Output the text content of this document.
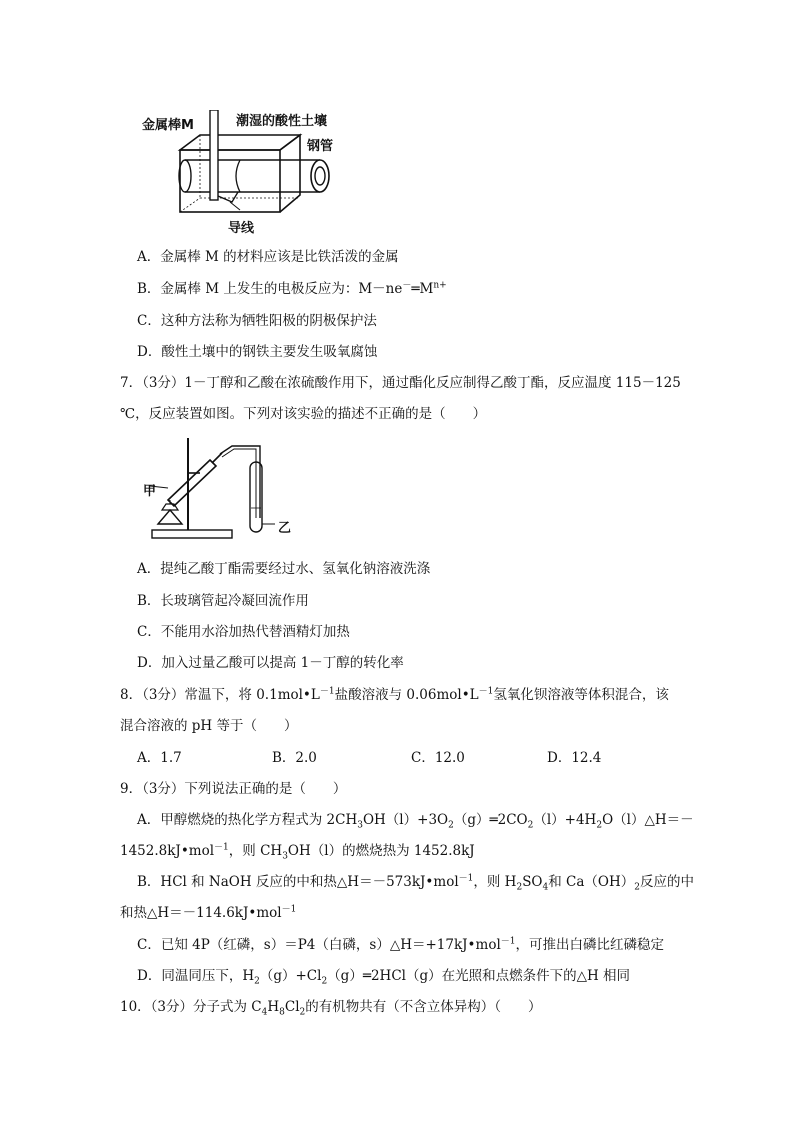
金属棒M	潮湿的酸性土壤
钢管
导线
A．金属棒 M 的材料应该是比铁活泼的金属
B．金属棒 M 上发生的电极反应为：$M-ne^-═M^{n+}$
C．这种方法称为牺牲阳极的阴极保护法
D．酸性土壤中的钢铁主要发生吸氧腐蚀
7．（3分）1－丁醇和乙酸在浓硫酸作用下，通过酯化反应制得乙酸丁酯，反应温度 115－125
℃，反应装置如图。下列对该实验的描述不正确的是（　　）
甲
乙
A．提纯乙酸丁酯需要经过水、氢氧化钠溶液洗涤
B．长玻璃管起冷凝回流作用
C．不能用水浴加热代替酒精灯加热
D．加入过量乙酸可以提高 1－丁醇的转化率
8．（3分）常温下，将 $0.1mol•L^{-1}$盐酸溶液与 $0.06mol•L^{-1}$氢氧化钡溶液等体积混合，该
混合溶液的 pH 等于（　　）
A．1.7	B．2.0	C．12.0	D．12.4
9．（3分）下列说法正确的是（　　）
A．甲醇燃烧的热化学方程式为 $2CH_3OH(l)+3O_2(g)═2CO_2(l)+4H_2O(l)\triangle H=-$
1452.8kJ•mol$^{-1}$，则 $CH_3OH(l)$的燃烧热为 1452.8kJ
B．HCl 和 NaOH 反应的中和热△H＝－573kJ•mol$^{-1}$，则 $H_2SO_4$和 $Ca(OH)_2$反应的中
和热△H＝－114.6kJ•mol$^{-1}$
C．已知 4P（红磷，s）＝P4（白磷，s）△H＝+17kJ•mol$^{-1}$，可推出白磷比红磷稳定
D．同温同压下，$H_2(g)+Cl_2(g)═2HCl(g)$在光照和点燃条件下的△H 相同
10．（3分）分子式为 $C_4H_8Cl_2$的有机物共有（不含立体异构）（　　）
